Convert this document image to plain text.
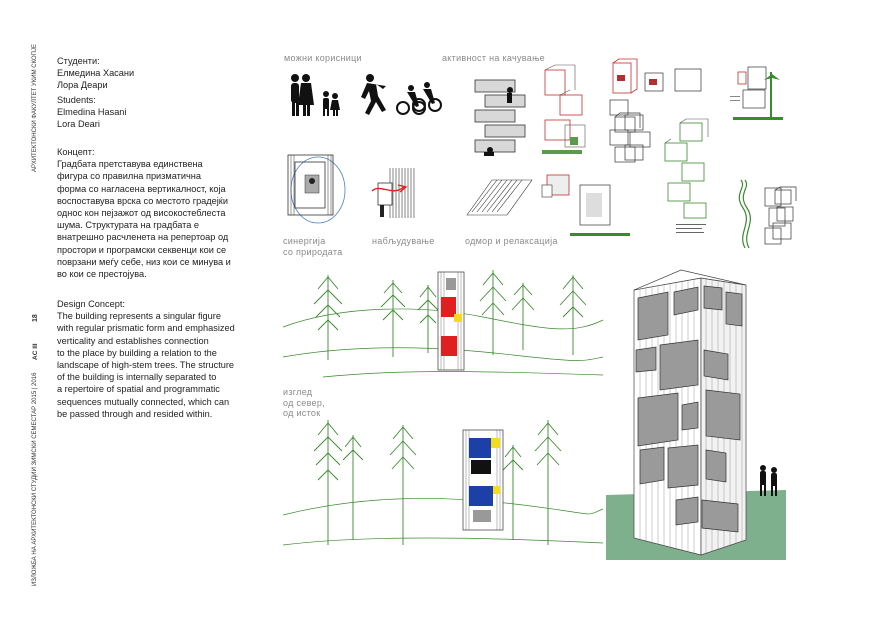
АРХИТЕКТОНСКИ ФАКУЛТЕТ УКИМ СКОПЈЕ
18
AC III
ИЗЛОЖБА НА АРХИТЕКТОНСКИ СТУДИИ ЗИМСКИ СЕМЕСТАР 2015 | 2016
Студенти:
Елмедина Хасани
Лора Деари
Students:
Elmedina Hasani
Lora Deari
Концепт:
Градбата претставува единствена
фигура со правилна призматична
форма со нагласена вертикалност, која
воспоставува врска со местото градејќи
однос кон пејзажот од високостеблеста
шума. Структурата на градбата е
внатрешно расчленета на репертоар од
простори и програмски секвенци кои се
поврзани меѓу себе, низ кои се минува и
во кои се престојува.
Design Concept:
The building represents a singular figure
with regular prismatic form and emphasized
verticality and establishes connection
to the place by building a relation to the
landscape of high-stem trees. The structure
of the building is internally separated to
a repertoire of spatial and programmatic
sequences mutually connected, which can
be passed through and resided within.
можни корисници	активност на качување
синергија
со природата
набљудување	одмор и релаксација
изглед
од север,
од исток
